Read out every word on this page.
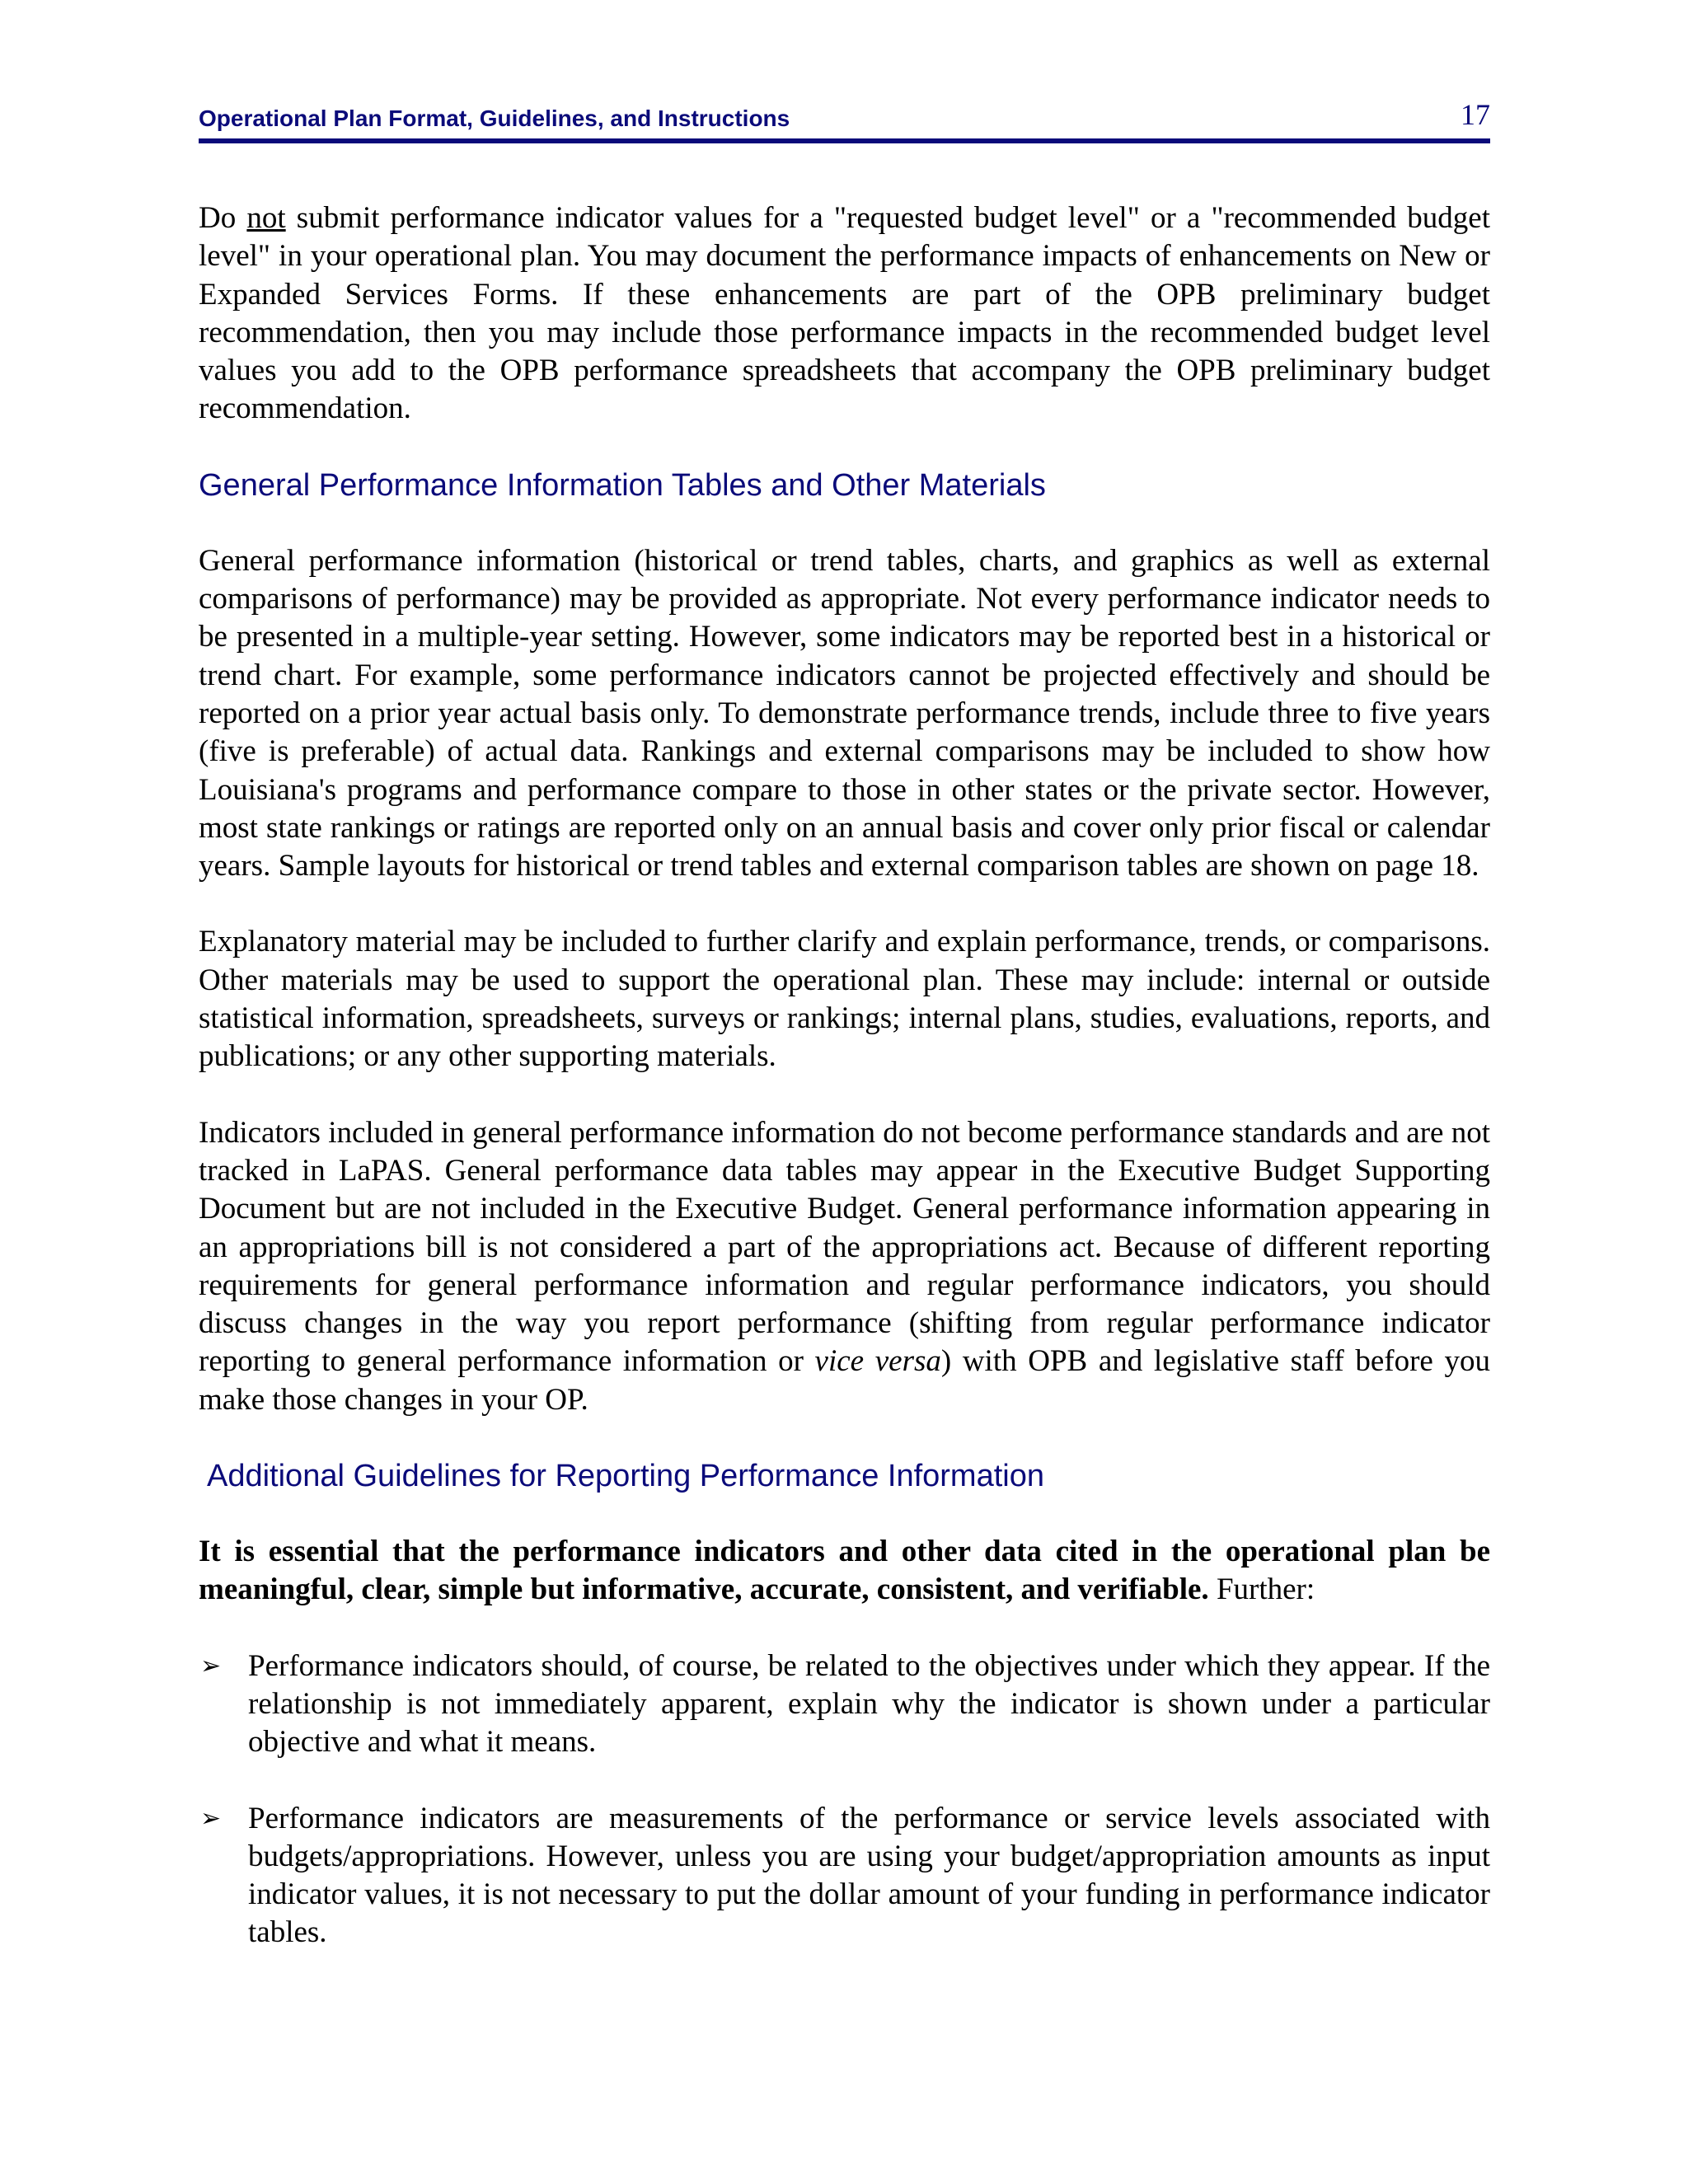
Operational Plan Format, Guidelines, and Instructions	17

Do not submit performance indicator values for a "requested budget level" or a "recommended budget level" in your operational plan. You may document the performance impacts of enhancements on New or Expanded Services Forms. If these enhancements are part of the OPB preliminary budget recommendation, then you may include those performance impacts in the recommended budget level values you add to the OPB performance spreadsheets that accompany the OPB preliminary budget recommendation.

General Performance Information Tables and Other Materials

General performance information (historical or trend tables, charts, and graphics as well as external comparisons of performance) may be provided as appropriate. Not every performance indicator needs to be presented in a multiple-year setting. However, some indicators may be reported best in a historical or trend chart. For example, some performance indicators cannot be projected effectively and should be reported on a prior year actual basis only. To demonstrate performance trends, include three to five years (five is preferable) of actual data. Rankings and external comparisons may be included to show how Louisiana's programs and performance compare to those in other states or the private sector. However, most state rankings or ratings are reported only on an annual basis and cover only prior fiscal or calendar years. Sample layouts for historical or trend tables and external comparison tables are shown on page 18.

Explanatory material may be included to further clarify and explain performance, trends, or comparisons. Other materials may be used to support the operational plan. These may include: internal or outside statistical information, spreadsheets, surveys or rankings; internal plans, studies, evaluations, reports, and publications; or any other supporting materials.

Indicators included in general performance information do not become performance standards and are not tracked in LaPAS. General performance data tables may appear in the Executive Budget Supporting Document but are not included in the Executive Budget. General performance information appearing in an appropriations bill is not considered a part of the appropriations act. Because of different reporting requirements for general performance information and regular performance indicators, you should discuss changes in the way you report performance (shifting from regular performance indicator reporting to general performance information or vice versa) with OPB and legislative staff before you make those changes in your OP.

Additional Guidelines for Reporting Performance Information

It is essential that the performance indicators and other data cited in the operational plan be meaningful, clear, simple but informative, accurate, consistent, and verifiable. Further:

➢ Performance indicators should, of course, be related to the objectives under which they appear. If the relationship is not immediately apparent, explain why the indicator is shown under a particular objective and what it means.
➢ Performance indicators are measurements of the performance or service levels associated with budgets/appropriations. However, unless you are using your budget/appropriation amounts as input indicator values, it is not necessary to put the dollar amount of your funding in performance indicator tables.
